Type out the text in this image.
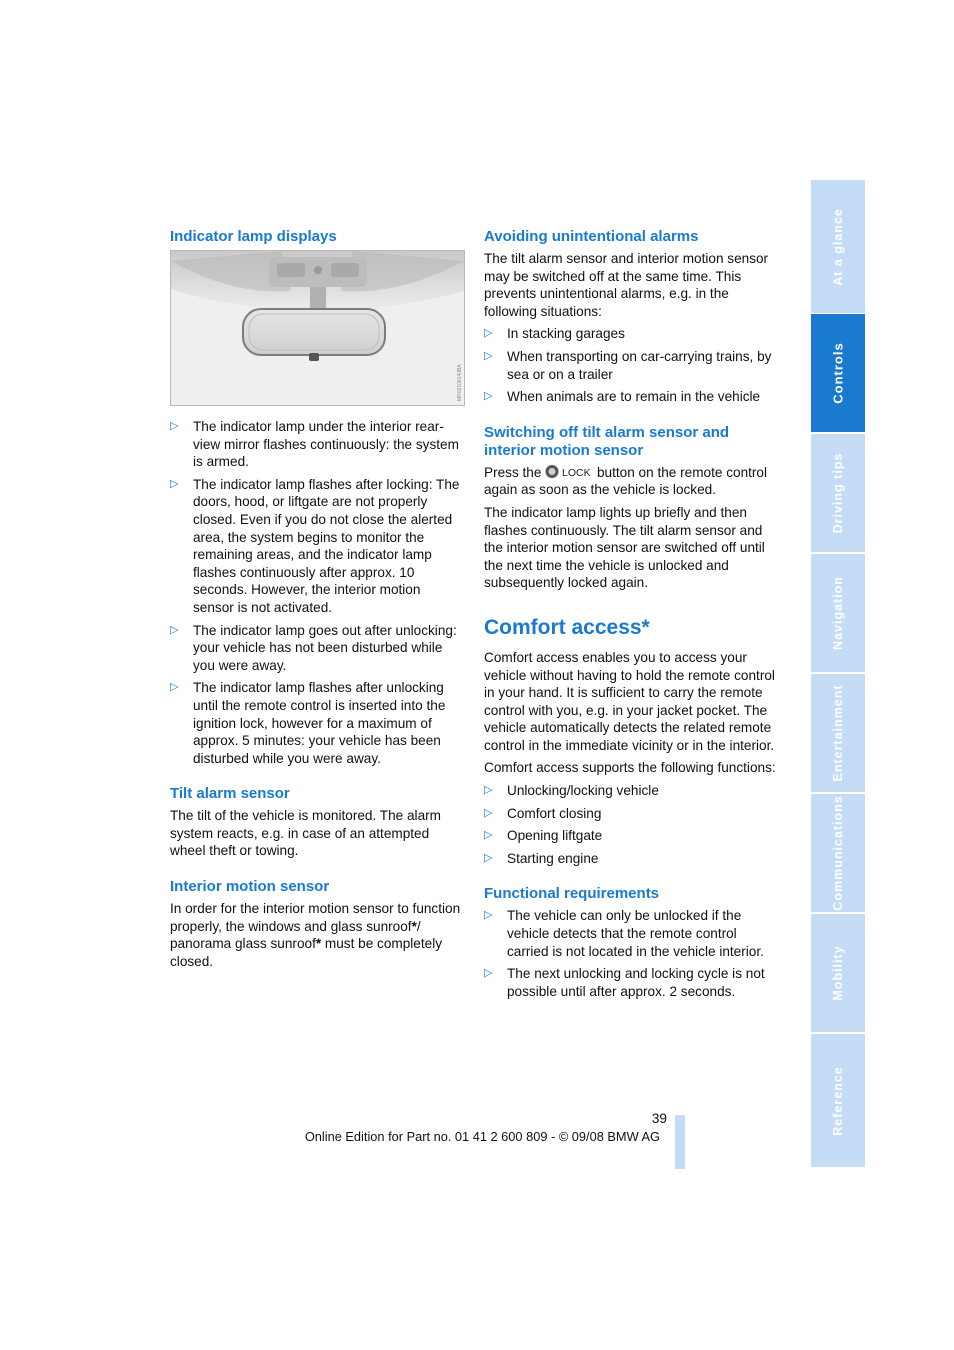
Indicator lamp displays
MR02108140BA
▷ The indicator lamp under the interior rear-view mirror flashes continuously: the system is armed.
▷ The indicator lamp flashes after locking: The doors, hood, or liftgate are not properly closed. Even if you do not close the alerted area, the system begins to monitor the remaining areas, and the indicator lamp flashes continuously after approx. 10 seconds. However, the interior motion sensor is not activated.
▷ The indicator lamp goes out after unlocking: your vehicle has not been disturbed while you were away.
▷ The indicator lamp flashes after unlocking until the remote control is inserted into the ignition lock, however for a maximum of approx. 5 minutes: your vehicle has been disturbed while you were away.
Tilt alarm sensor

The tilt of the vehicle is monitored. The alarm system reacts, e.g. in case of an attempted wheel theft or towing.

Interior motion sensor

In order for the interior motion sensor to function properly, the windows and glass sunroof*/ panorama glass sunroof* must be completely closed.

Avoiding unintentional alarms

The tilt alarm sensor and interior motion sensor may be switched off at the same time. This prevents unintentional alarms, e.g. in the following situations:

▷ In stacking garages
▷ When transporting on car-carrying trains, by sea or on a trailer
▷ When animals are to remain in the vehicle
Switching off tilt alarm sensor and interior motion sensor

Press the LOCK button on the remote control again as soon as the vehicle is locked.

The indicator lamp lights up briefly and then flashes continuously. The tilt alarm sensor and the interior motion sensor are switched off until the next time the vehicle is unlocked and subsequently locked again.

Comfort access*

Comfort access enables you to access your vehicle without having to hold the remote control in your hand. It is sufficient to carry the remote control with you, e.g. in your jacket pocket. The vehicle automatically detects the related remote control in the immediate vicinity or in the interior.

Comfort access supports the following functions:

▷ Unlocking/locking vehicle
▷ Comfort closing
▷ Opening liftgate
▷ Starting engine
Functional requirements
▷ The vehicle can only be unlocked if the vehicle detects that the remote control carried is not located in the vehicle interior.
▷ The next unlocking and locking cycle is not possible until after approx. 2 seconds.
At a glance
Controls
Driving tips
Navigation
Entertainment
Communications
Mobility
Reference
39
Online Edition for Part no. 01 41 2 600 809 - © 09/08 BMW AG
